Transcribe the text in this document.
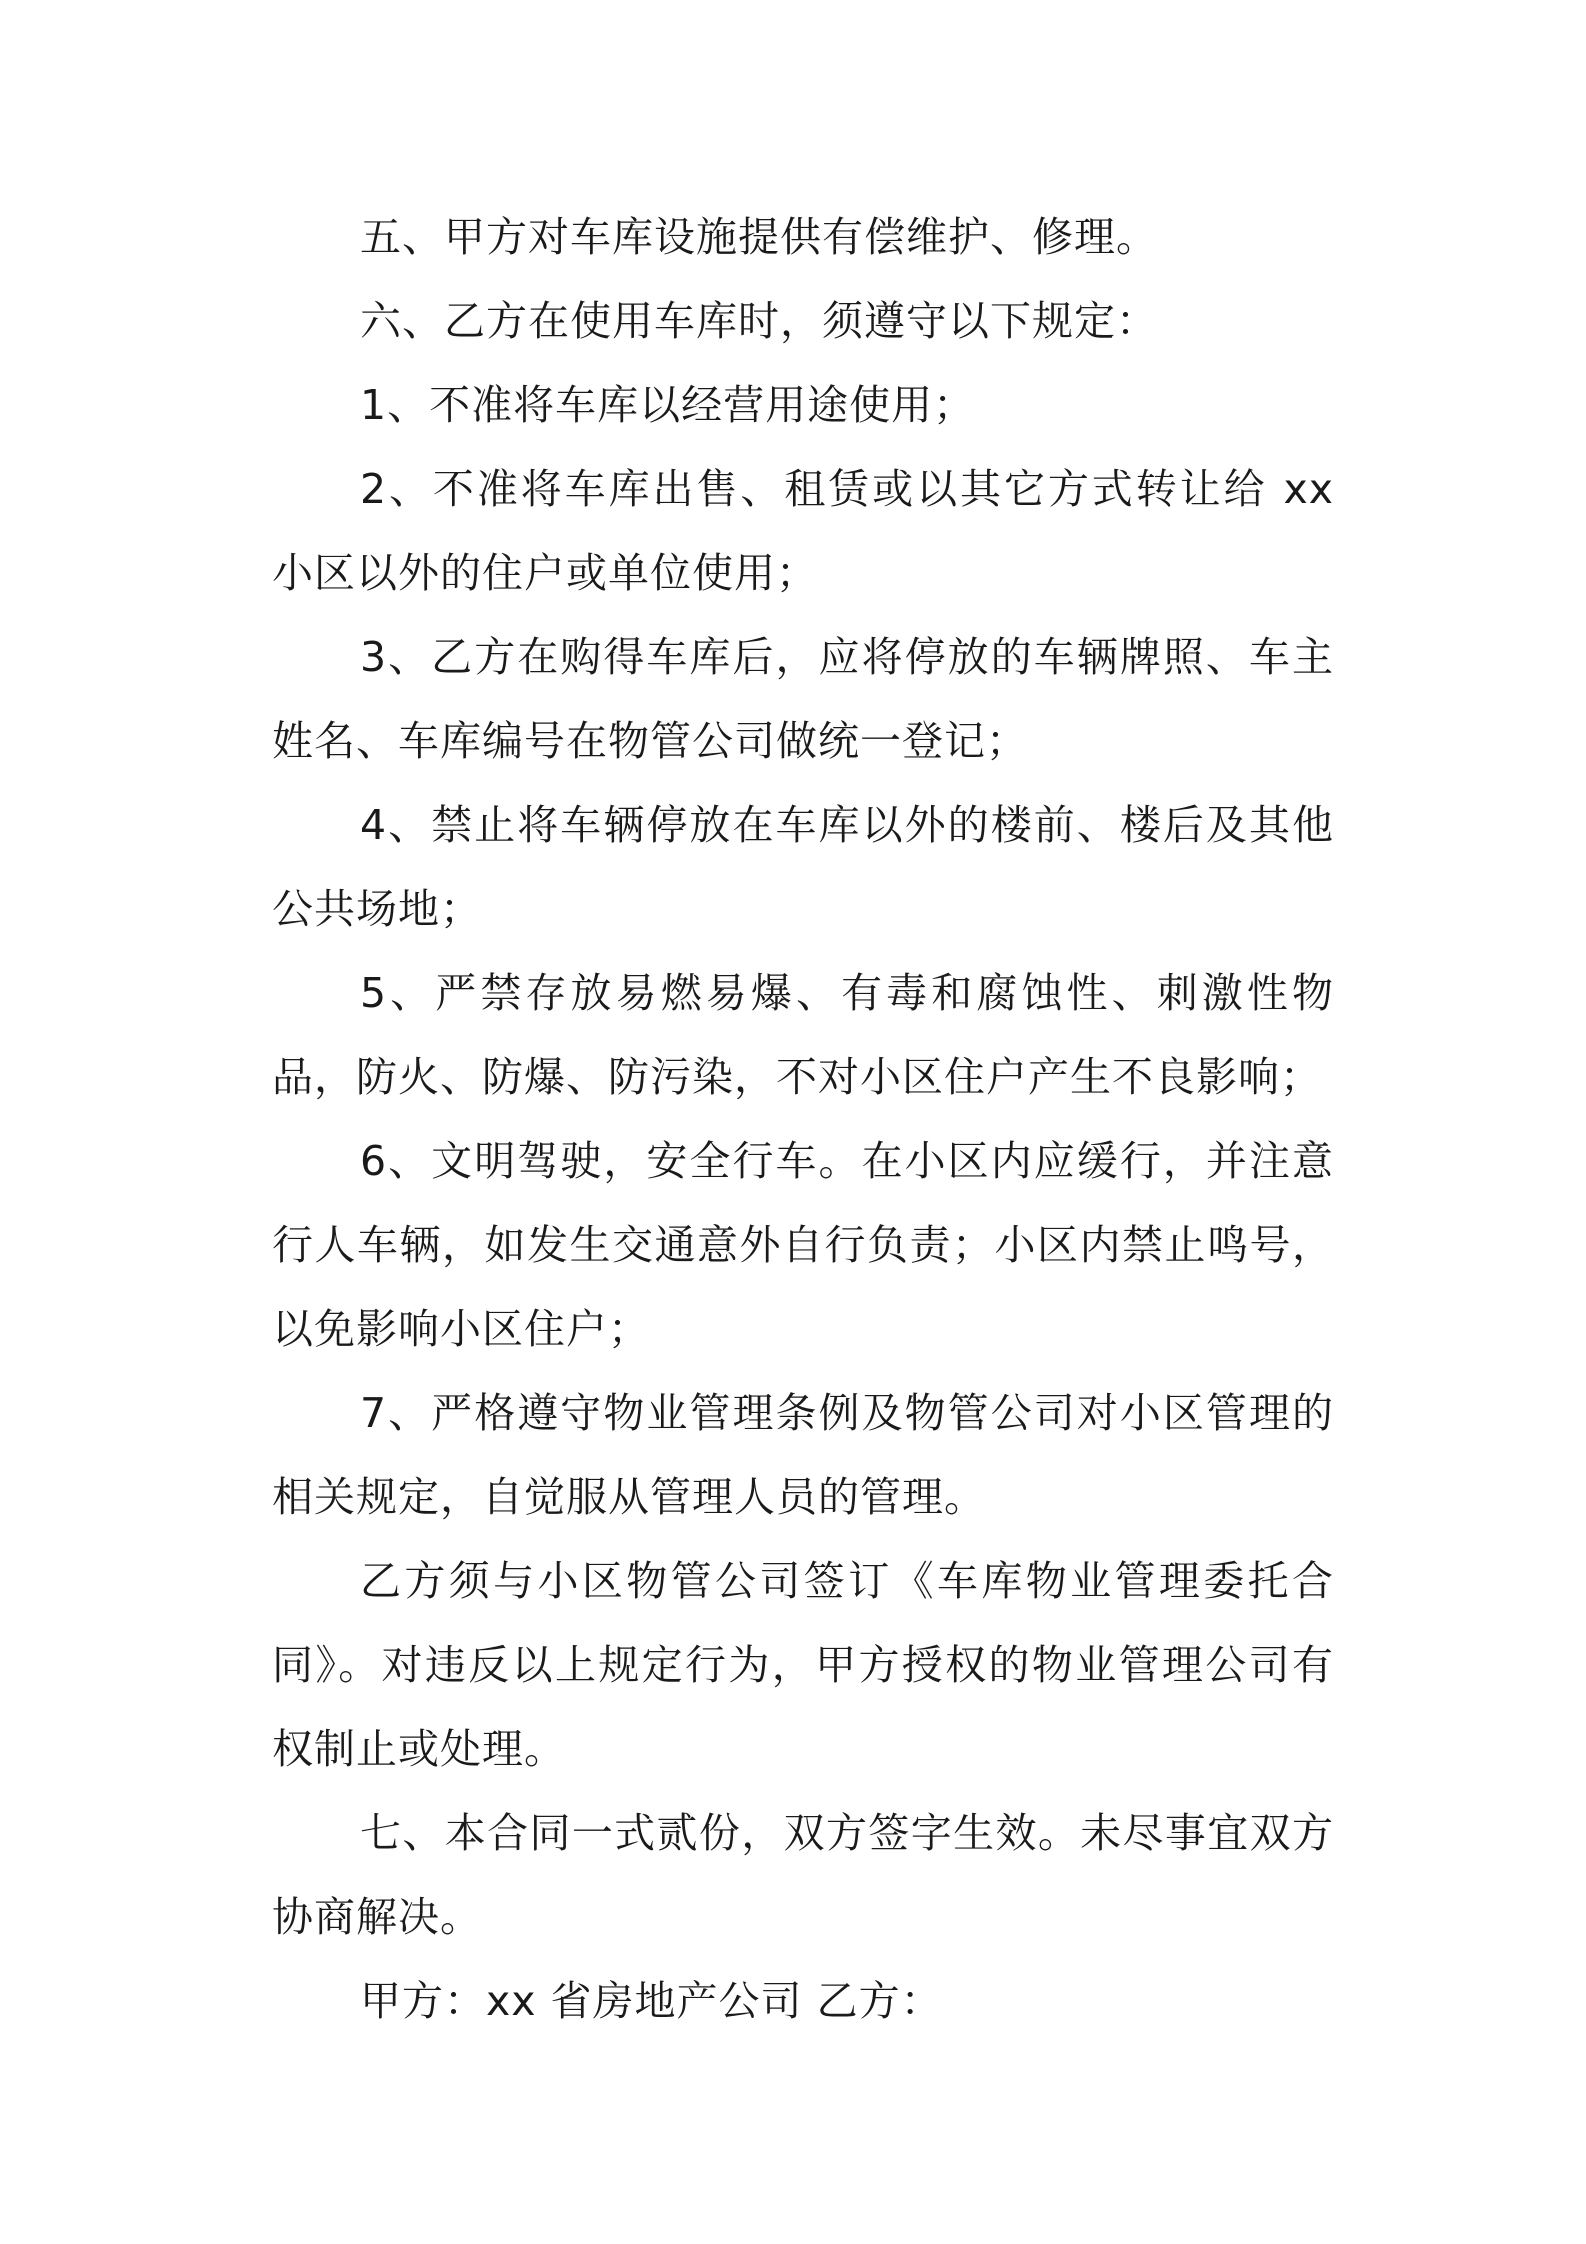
五、甲方对车库设施提供有偿维护、修理。

六、乙方在使用车库时，须遵守以下规定：

1、不准将车库以经营用途使用；

2、不准将车库出售、租赁或以其它方式转让给 xx 小区以外的住户或单位使用；

3、乙方在购得车库后，应将停放的车辆牌照、车主姓名、车库编号在物管公司做统一登记；

4、禁止将车辆停放在车库以外的楼前、楼后及其他公共场地；

5、严禁存放易燃易爆、有毒和腐蚀性、刺激性物品，防火、防爆、防污染，不对小区住户产生不良影响；

6、文明驾驶，安全行车。在小区内应缓行，并注意行人车辆，如发生交通意外自行负责；小区内禁止鸣号，以免影响小区住户；

7、严格遵守物业管理条例及物管公司对小区管理的相关规定，自觉服从管理人员的管理。

乙方须与小区物管公司签订《车库物业管理委托合同》。对违反以上规定行为，甲方授权的物业管理公司有权制止或处理。

七、本合同一式贰份，双方签字生效。未尽事宜双方协商解决。

甲方：xx 省房地产公司 乙方：
